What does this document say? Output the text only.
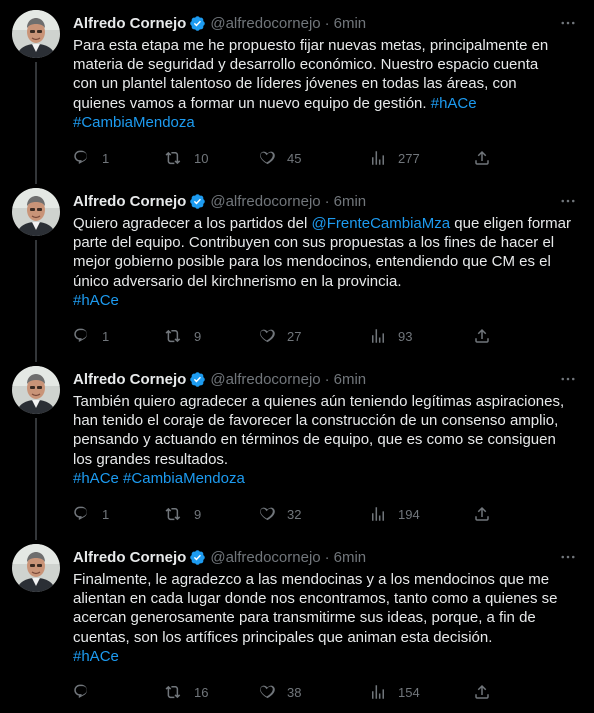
Alfredo Cornejo @alfredocornejo · 6min
Para esta etapa me he propuesto fijar nuevas metas, principalmente en
materia de seguridad y desarrollo económico. Nuestro espacio cuenta
con un plantel talentoso de líderes jóvenes en todas las áreas, con
quienes vamos a formar un nuevo equipo de gestión. #hACe
#CambiaMendoza
1	10	45	277
Alfredo Cornejo @alfredocornejo · 6min
Quiero agradecer a los partidos del @FrenteCambiaMza que eligen formar
parte del equipo. Contribuyen con sus propuestas a los fines de hacer el
mejor gobierno posible para los mendocinos, entendiendo que CM es el
único adversario del kirchnerismo en la provincia.
#hACe
1	9	27	93
Alfredo Cornejo @alfredocornejo · 6min
También quiero agradecer a quienes aún teniendo legítimas aspiraciones,
han tenido el coraje de favorecer la construcción de un consenso amplio,
pensando y actuando en términos de equipo, que es como se consiguen
los grandes resultados.
#hACe #CambiaMendoza
1	9	32	194
Alfredo Cornejo @alfredocornejo · 6min
Finalmente, le agradezco a las mendocinas y a los mendocinos que me
alientan en cada lugar donde nos encontramos, tanto como a quienes se
acercan generosamente para transmitirme sus ideas, porque, a fin de
cuentas, son los artífices principales que animan esta decisión.
#hACe
16	38	154
